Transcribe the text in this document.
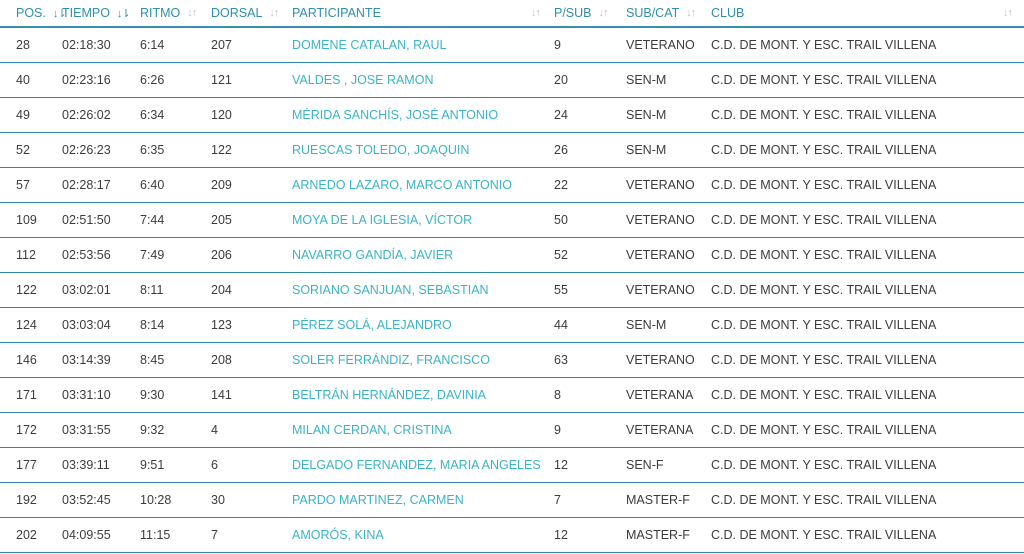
POS. ↓⇂
TIEMPO ↓⇂ RITMO ↓↑ DORSAL ↓↑ PARTICIPANTE	↓↑ P/SUB ↓↑ SUB/CAT ↓↑ CLUB	↓↑
28	02:18:30	6:14	207	DOMENE CATALAN, RAUL	9	VETERANO	C.D. DE MONT. Y ESC. TRAIL VILLENA
40	02:23:16	6:26	121	VALDES , JOSE RAMON	20	SEN-M	C.D. DE MONT. Y ESC. TRAIL VILLENA
49	02:26:02	6:34	120	MÉRIDA SANCHÍS, JOSÉ ANTONIO	24	SEN-M	C.D. DE MONT. Y ESC. TRAIL VILLENA
52	02:26:23	6:35	122	RUESCAS TOLEDO, JOAQUIN	26	SEN-M	C.D. DE MONT. Y ESC. TRAIL VILLENA
57	02:28:17	6:40	209	ARNEDO LAZARO, MARCO ANTONIO	22	VETERANO	C.D. DE MONT. Y ESC. TRAIL VILLENA
109	02:51:50	7:44	205	MOYA DE LA IGLESIA, VÍCTOR	50	VETERANO	C.D. DE MONT. Y ESC. TRAIL VILLENA
112	02:53:56	7:49	206	NAVARRO GANDÍA, JAVIER	52	VETERANO	C.D. DE MONT. Y ESC. TRAIL VILLENA
122	03:02:01	8:11	204	SORIANO SANJUAN, SEBASTIAN	55	VETERANO	C.D. DE MONT. Y ESC. TRAIL VILLENA
124	03:03:04	8:14	123	PÉREZ SOLÁ, ALEJANDRO	44	SEN-M	C.D. DE MONT. Y ESC. TRAIL VILLENA
146	03:14:39	8:45	208	SOLER FERRÁNDIZ, FRANCISCO	63	VETERANO	C.D. DE MONT. Y ESC. TRAIL VILLENA
171	03:31:10	9:30	141	BELTRÁN HERNÁNDEZ, DAVINIA	8	VETERANA	C.D. DE MONT. Y ESC. TRAIL VILLENA
172	03:31:55	9:32	4	MILAN CERDAN, CRISTINA	9	VETERANA	C.D. DE MONT. Y ESC. TRAIL VILLENA
177	03:39:11	9:51	6	DELGADO FERNANDEZ, MARIA ANGELES	12	SEN-F	C.D. DE MONT. Y ESC. TRAIL VILLENA
192	03:52:45	10:28	30	PARDO MARTINEZ, CARMEN	7	MASTER-F	C.D. DE MONT. Y ESC. TRAIL VILLENA
202	04:09:55	11:15	7	AMORÓS, KINA	12	MASTER-F	C.D. DE MONT. Y ESC. TRAIL VILLENA
